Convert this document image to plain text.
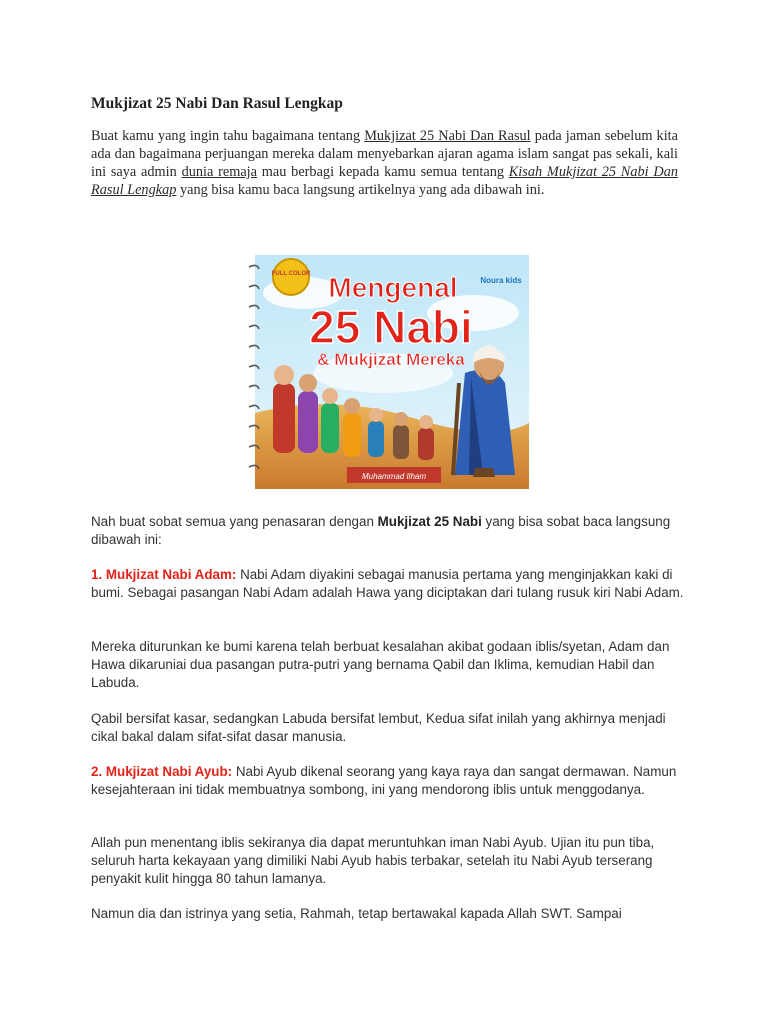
Mukjizat 25 Nabi Dan Rasul Lengkap

Buat kamu yang ingin tahu bagaimana tentang Mukjizat 25 Nabi Dan Rasul pada jaman sebelum kita ada dan bagaimana perjuangan mereka dalam menyebarkan ajaran agama islam sangat pas sekali, kali ini saya admin dunia remaja mau berbagi kepada kamu semua tentang Kisah Mukjizat 25 Nabi Dan Rasul Lengkap yang bisa kamu baca langsung artikelnya yang ada dibawah ini.

FULL COLOR
Noura kids
Mengenal
25 Nabi
& Mukjizat Mereka
Muhammad Ilham

Nah buat sobat semua yang penasaran dengan Mukjizat 25 Nabi yang bisa sobat baca langsung dibawah ini:

1. Mukjizat Nabi Adam: Nabi Adam diyakini sebagai manusia pertama yang menginjakkan kaki di bumi. Sebagai pasangan Nabi Adam adalah Hawa yang diciptakan dari tulang rusuk kiri Nabi Adam.

Mereka diturunkan ke bumi karena telah berbuat kesalahan akibat godaan iblis/syetan, Adam dan Hawa dikaruniai dua pasangan putra-putri yang bernama Qabil dan Iklima, kemudian Habil dan Labuda.

Qabil bersifat kasar, sedangkan Labuda bersifat lembut, Kedua sifat inilah yang akhirnya menjadi cikal bakal dalam sifat-sifat dasar manusia.

2. Mukjizat Nabi Ayub: Nabi Ayub dikenal seorang yang kaya raya dan sangat dermawan. Namun kesejahteraan ini tidak membuatnya sombong, ini yang mendorong iblis untuk menggodanya.

Allah pun menentang iblis sekiranya dia dapat meruntuhkan iman Nabi Ayub. Ujian itu pun tiba, seluruh harta kekayaan yang dimiliki Nabi Ayub habis terbakar, setelah itu Nabi Ayub terserang penyakit kulit hingga 80 tahun lamanya.

Namun dia dan istrinya yang setia, Rahmah, tetap bertawakal kapada Allah SWT. Sampai
